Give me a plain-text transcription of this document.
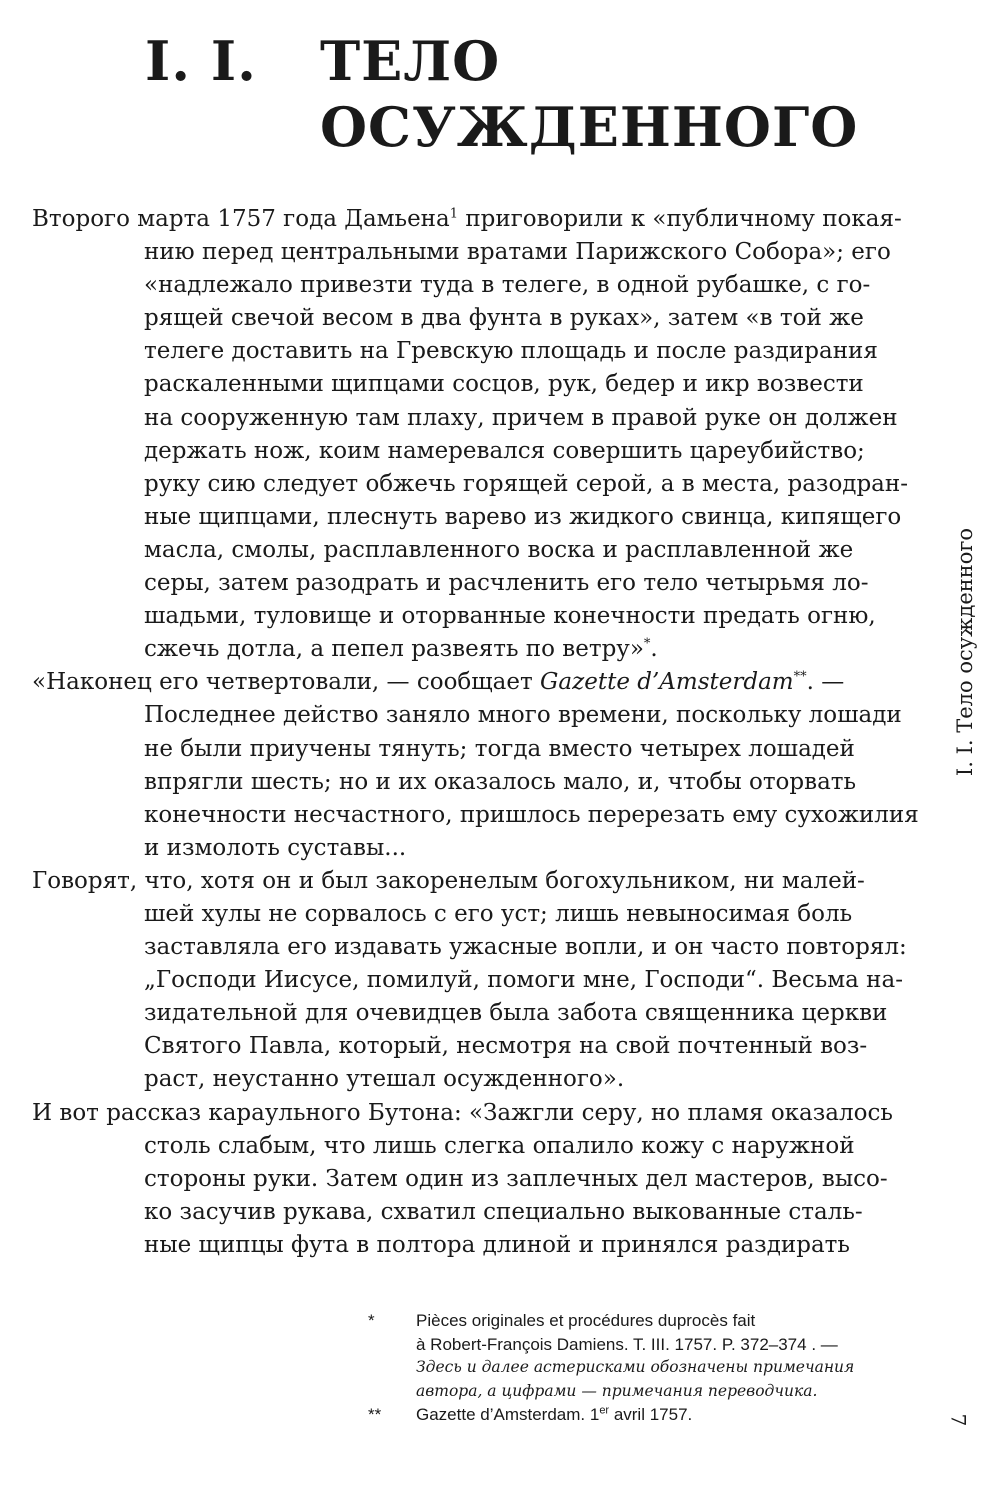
I. I.	ТЕЛО
ОСУЖДЕННОГО
Второго марта 1757 года Дамьена$^1$ приговорили к «публичному покая-
нию перед центральными вратами Парижского Собора»; его
«надлежало привезти туда в телеге, в одной рубашке, с го-
рящей свечой весом в два фунта в руках», затем «в той же
телеге доставить на Гревскую площадь и после раздирания
раскаленными щипцами сосцов, рук, бедер и икр возвести
на сооруженную там плаху, причем в правой руке он должен
держать нож, коим намеревался совершить цареубийство;
руку сию следует обжечь горящей серой, а в места, разодран-
ные щипцами, плеснуть варево из жидкого свинца, кипящего
масла, смолы, расплавленного воска и расплавленной же
серы, затем разодрать и расчленить его тело четырьмя ло-
шадьми, туловище и оторванные конечности предать огню,
сжечь дотла, а пепел развеять по ветру»*.
«Наконец его четвертовали, — сообщает Gazette d’Amsterdam**. —
Последнее действо заняло много времени, поскольку лошади
не были приучены тянуть; тогда вместо четырех лошадей
впрягли шесть; но и их оказалось мало, и, чтобы оторвать
конечности несчастного, пришлось перерезать ему сухожилия
и измолоть суставы...
Говорят, что, хотя он и был закоренелым богохульником, ни малей-
шей хулы не сорвалось с его уст; лишь невыносимая боль
заставляла его издавать ужасные вопли, и он часто повторял:
„Господи Иисусе, помилуй, помоги мне, Господи“. Весьма на-
зидательной для очевидцев была забота священника церкви
Святого Павла, который, несмотря на свой почтенный воз-
раст, неустанно утешал осужденного».
И вот рассказ караульного Бутона: «Зажгли серу, но пламя оказалось
столь слабым, что лишь слегка опалило кожу с наружной
стороны руки. Затем один из заплечных дел мастеров, высо-
ко засучив рукава, схватил специально выкованные сталь-
ные щипцы фута в полтора длиной и принялся раздирать
I. I. Тело осужденного
* Pièces originales et procédures duprocès fait
à Robert-François Damiens. T. III. 1757. P. 372–374 . —
Здесь и далее астерисками обозначены примечания
автора, а цифрами — примечания переводчика.
** Gazette d’Amsterdam. 1er avril 1757.	7
